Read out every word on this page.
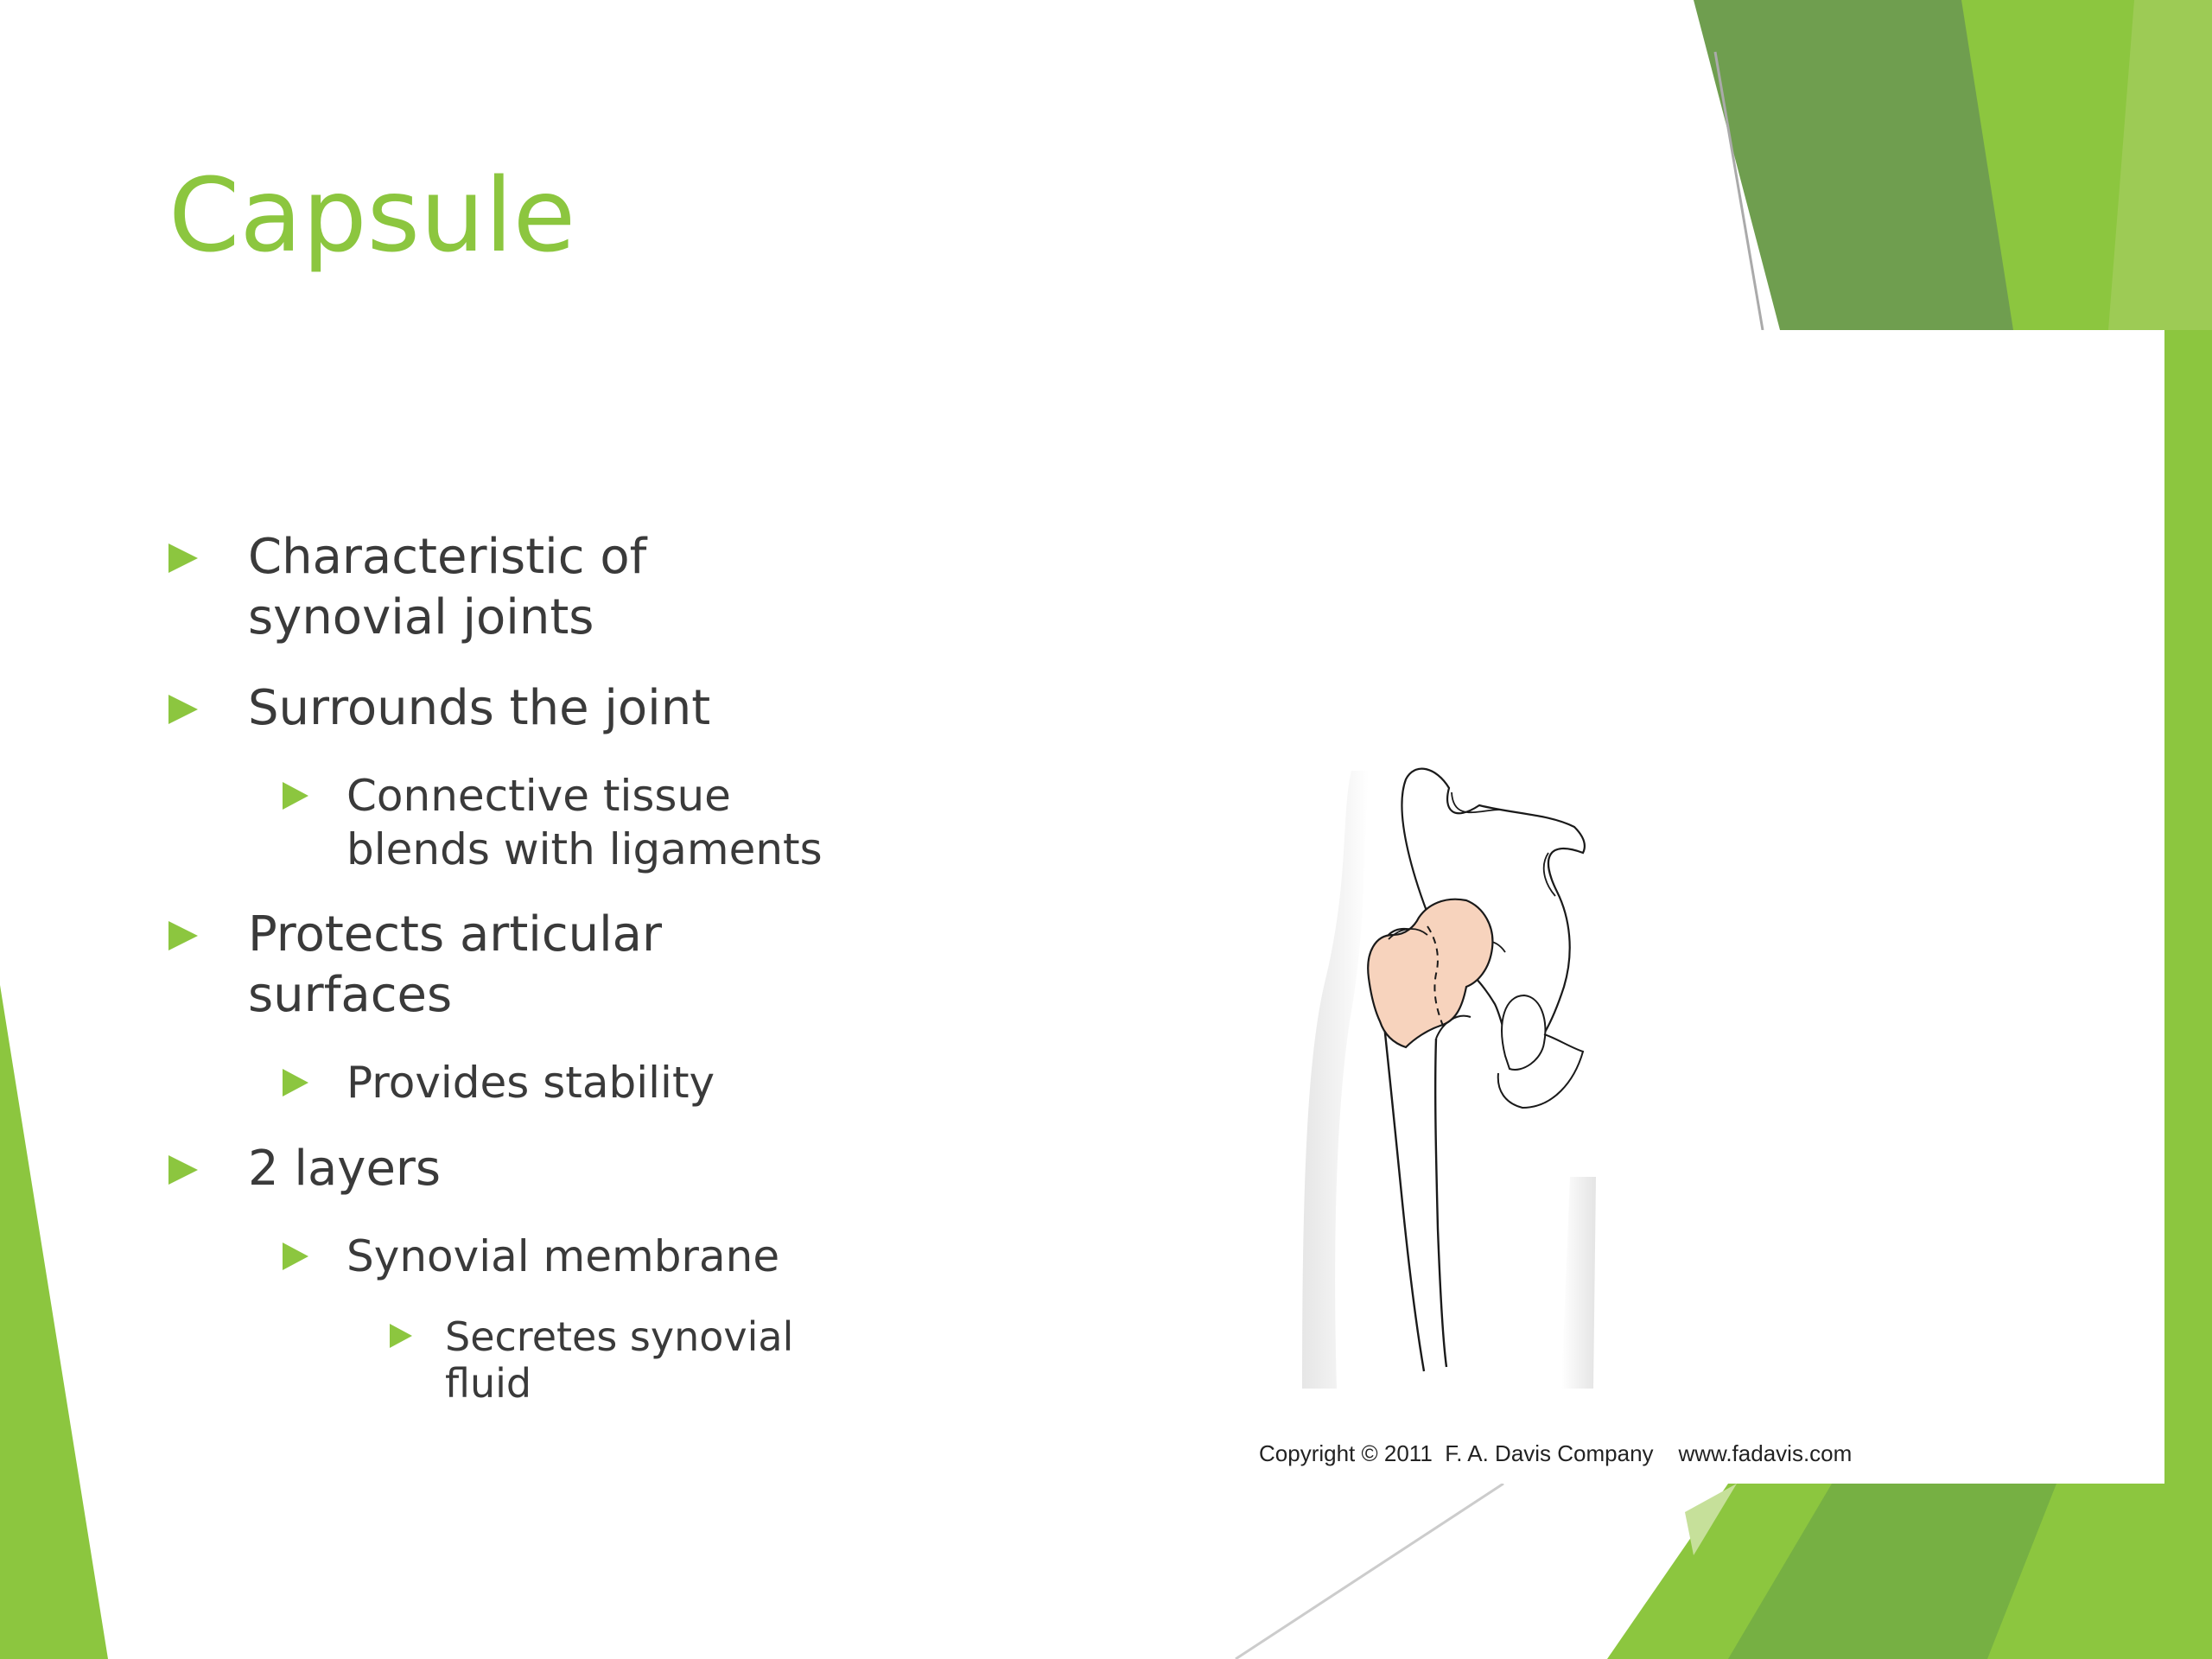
Capsule
Characteristic of
synovial joints
Surrounds the joint
Connective tissue
blends with ligaments
Protects articular
surfaces
Provides stability
2 layers
Synovial membrane
Secretes synovial
fluid
Copyright © 2011  F. A. Davis Company    www.fadavis.com
